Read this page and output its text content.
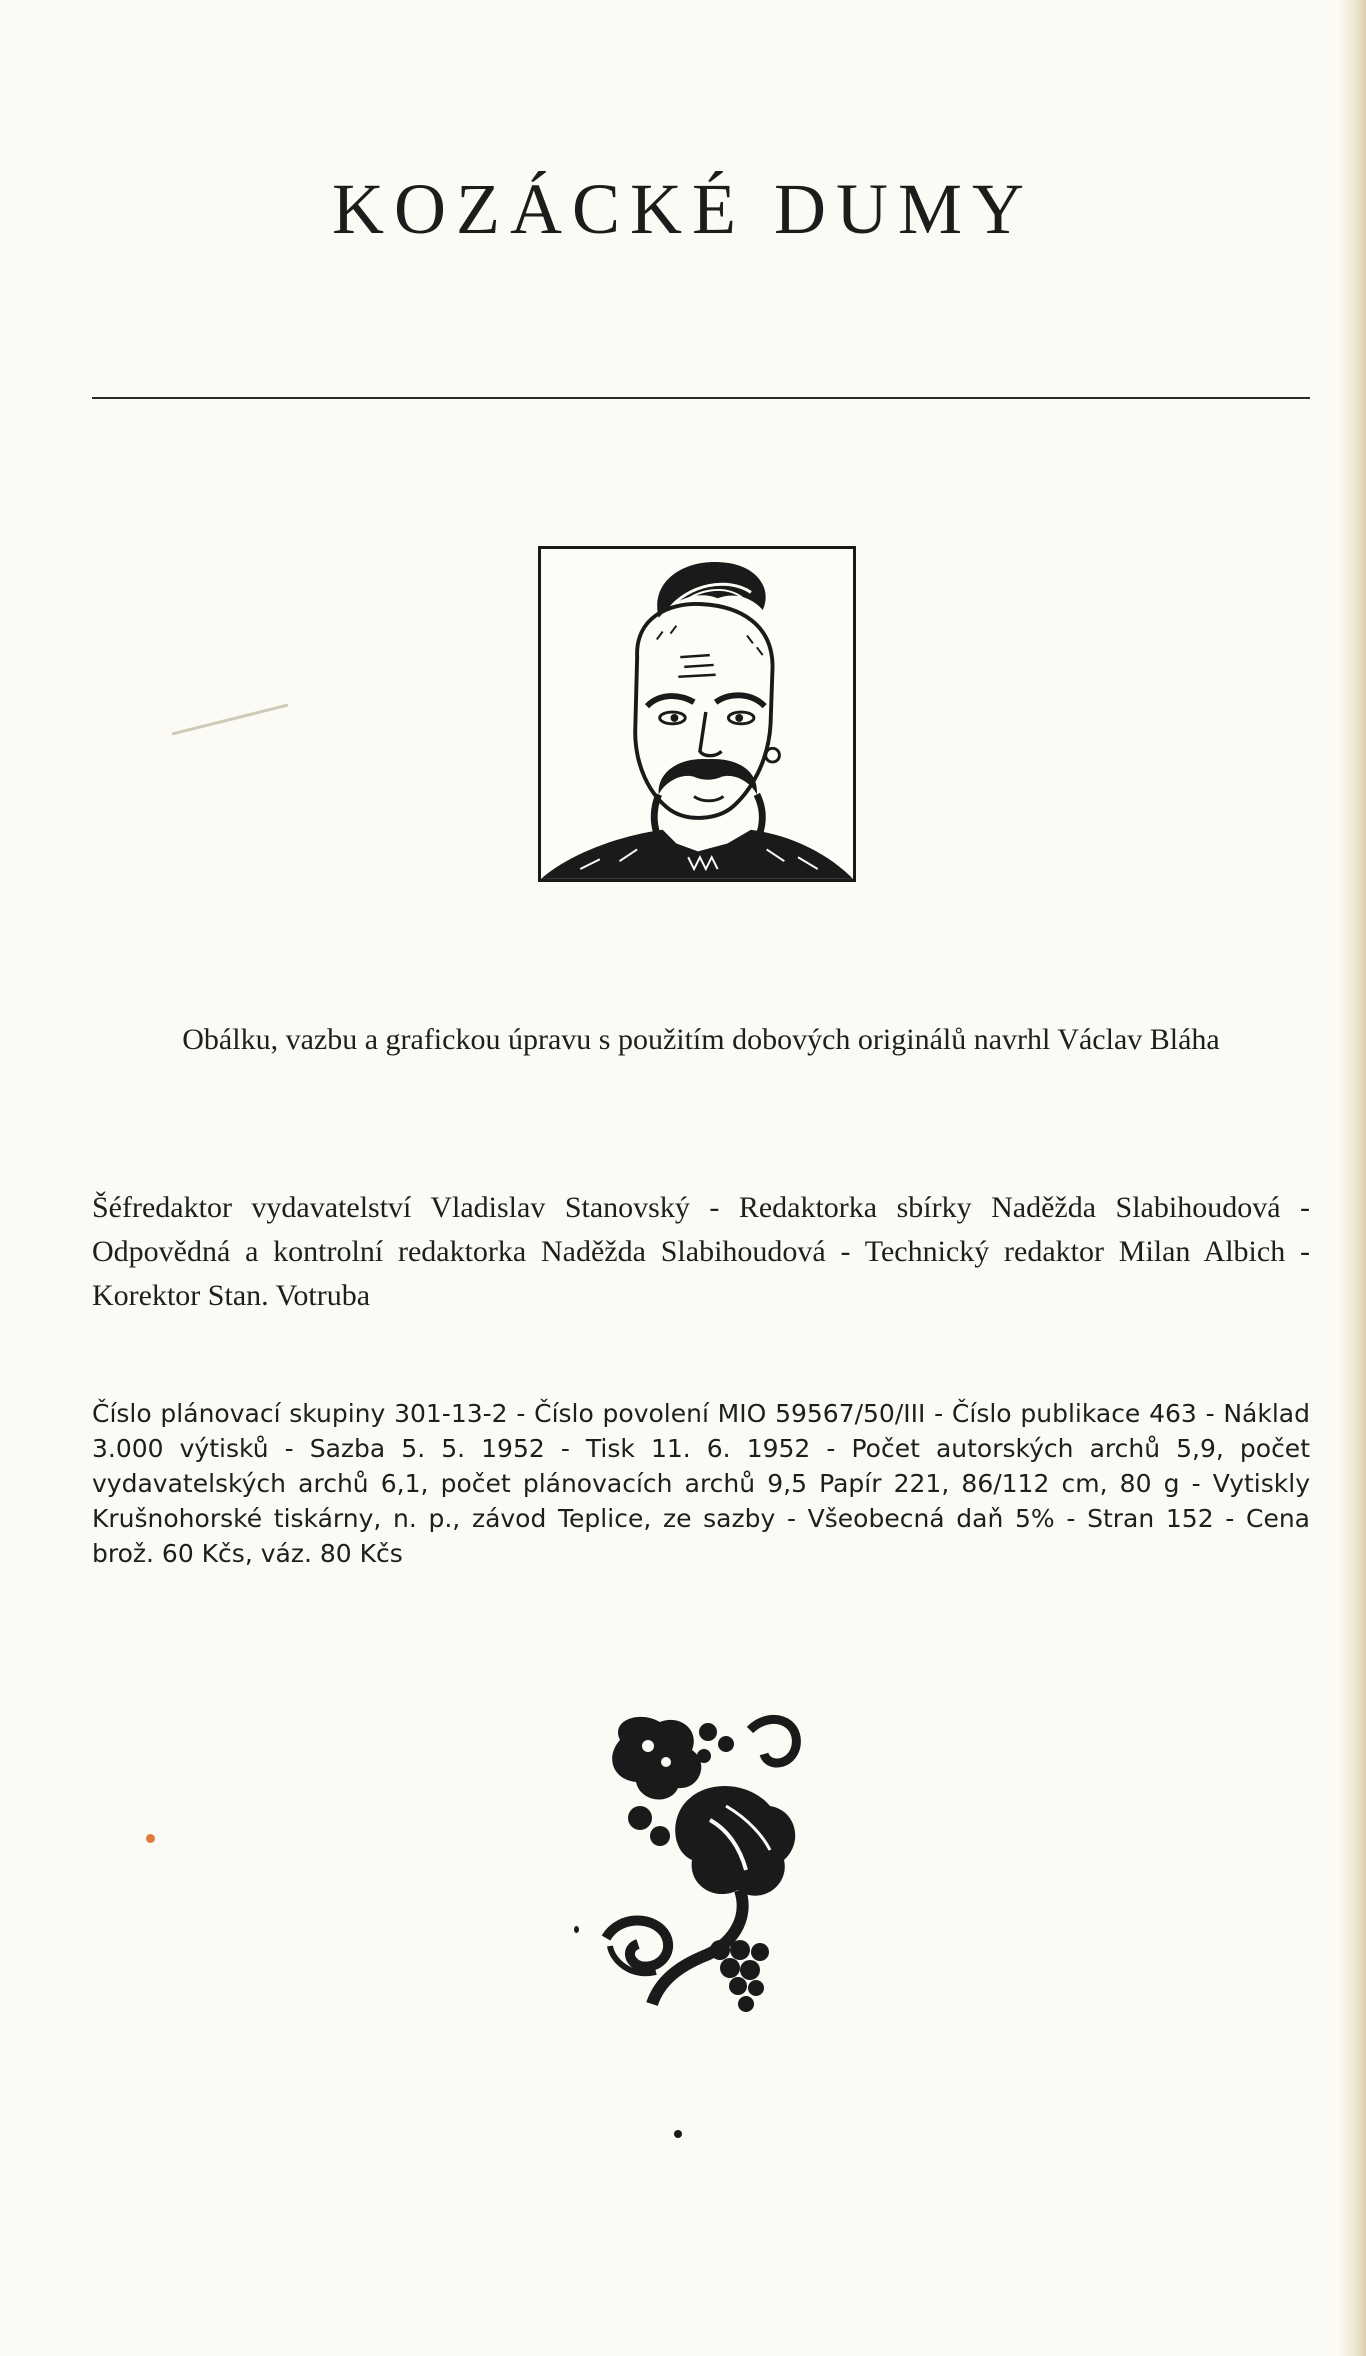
KOZÁCKÉ DUMY

Obálku, vazbu a grafickou úpravu s použitím dobových originálů navrhl Václav Bláha

Šéfredaktor vydavatelství Vladislav Stanovský - Redaktorka sbírky Naděžda Slabihoudová - Odpovědná a kontrolní redaktorka Naděžda Slabihoudová - Technický redaktor Milan Albich - Korektor Stan. Votruba

Číslo plánovací skupiny 301-13-2 - Číslo povolení MIO 59567/50/III - Číslo publikace 463 - Náklad 3.000 výtisků - Sazba 5. 5. 1952 - Tisk 11. 6. 1952 - Počet autorských archů 5,9, počet vydavatelských archů 6,1, počet plánovacích archů 9,5 Papír 221, 86/112 cm, 80 g - Vytiskly Krušnohorské tiskárny, n. p., závod Teplice, ze sazby - Všeobecná daň 5% - Stran 152 - Cena brož. 60 Kčs, váz. 80 Kčs
